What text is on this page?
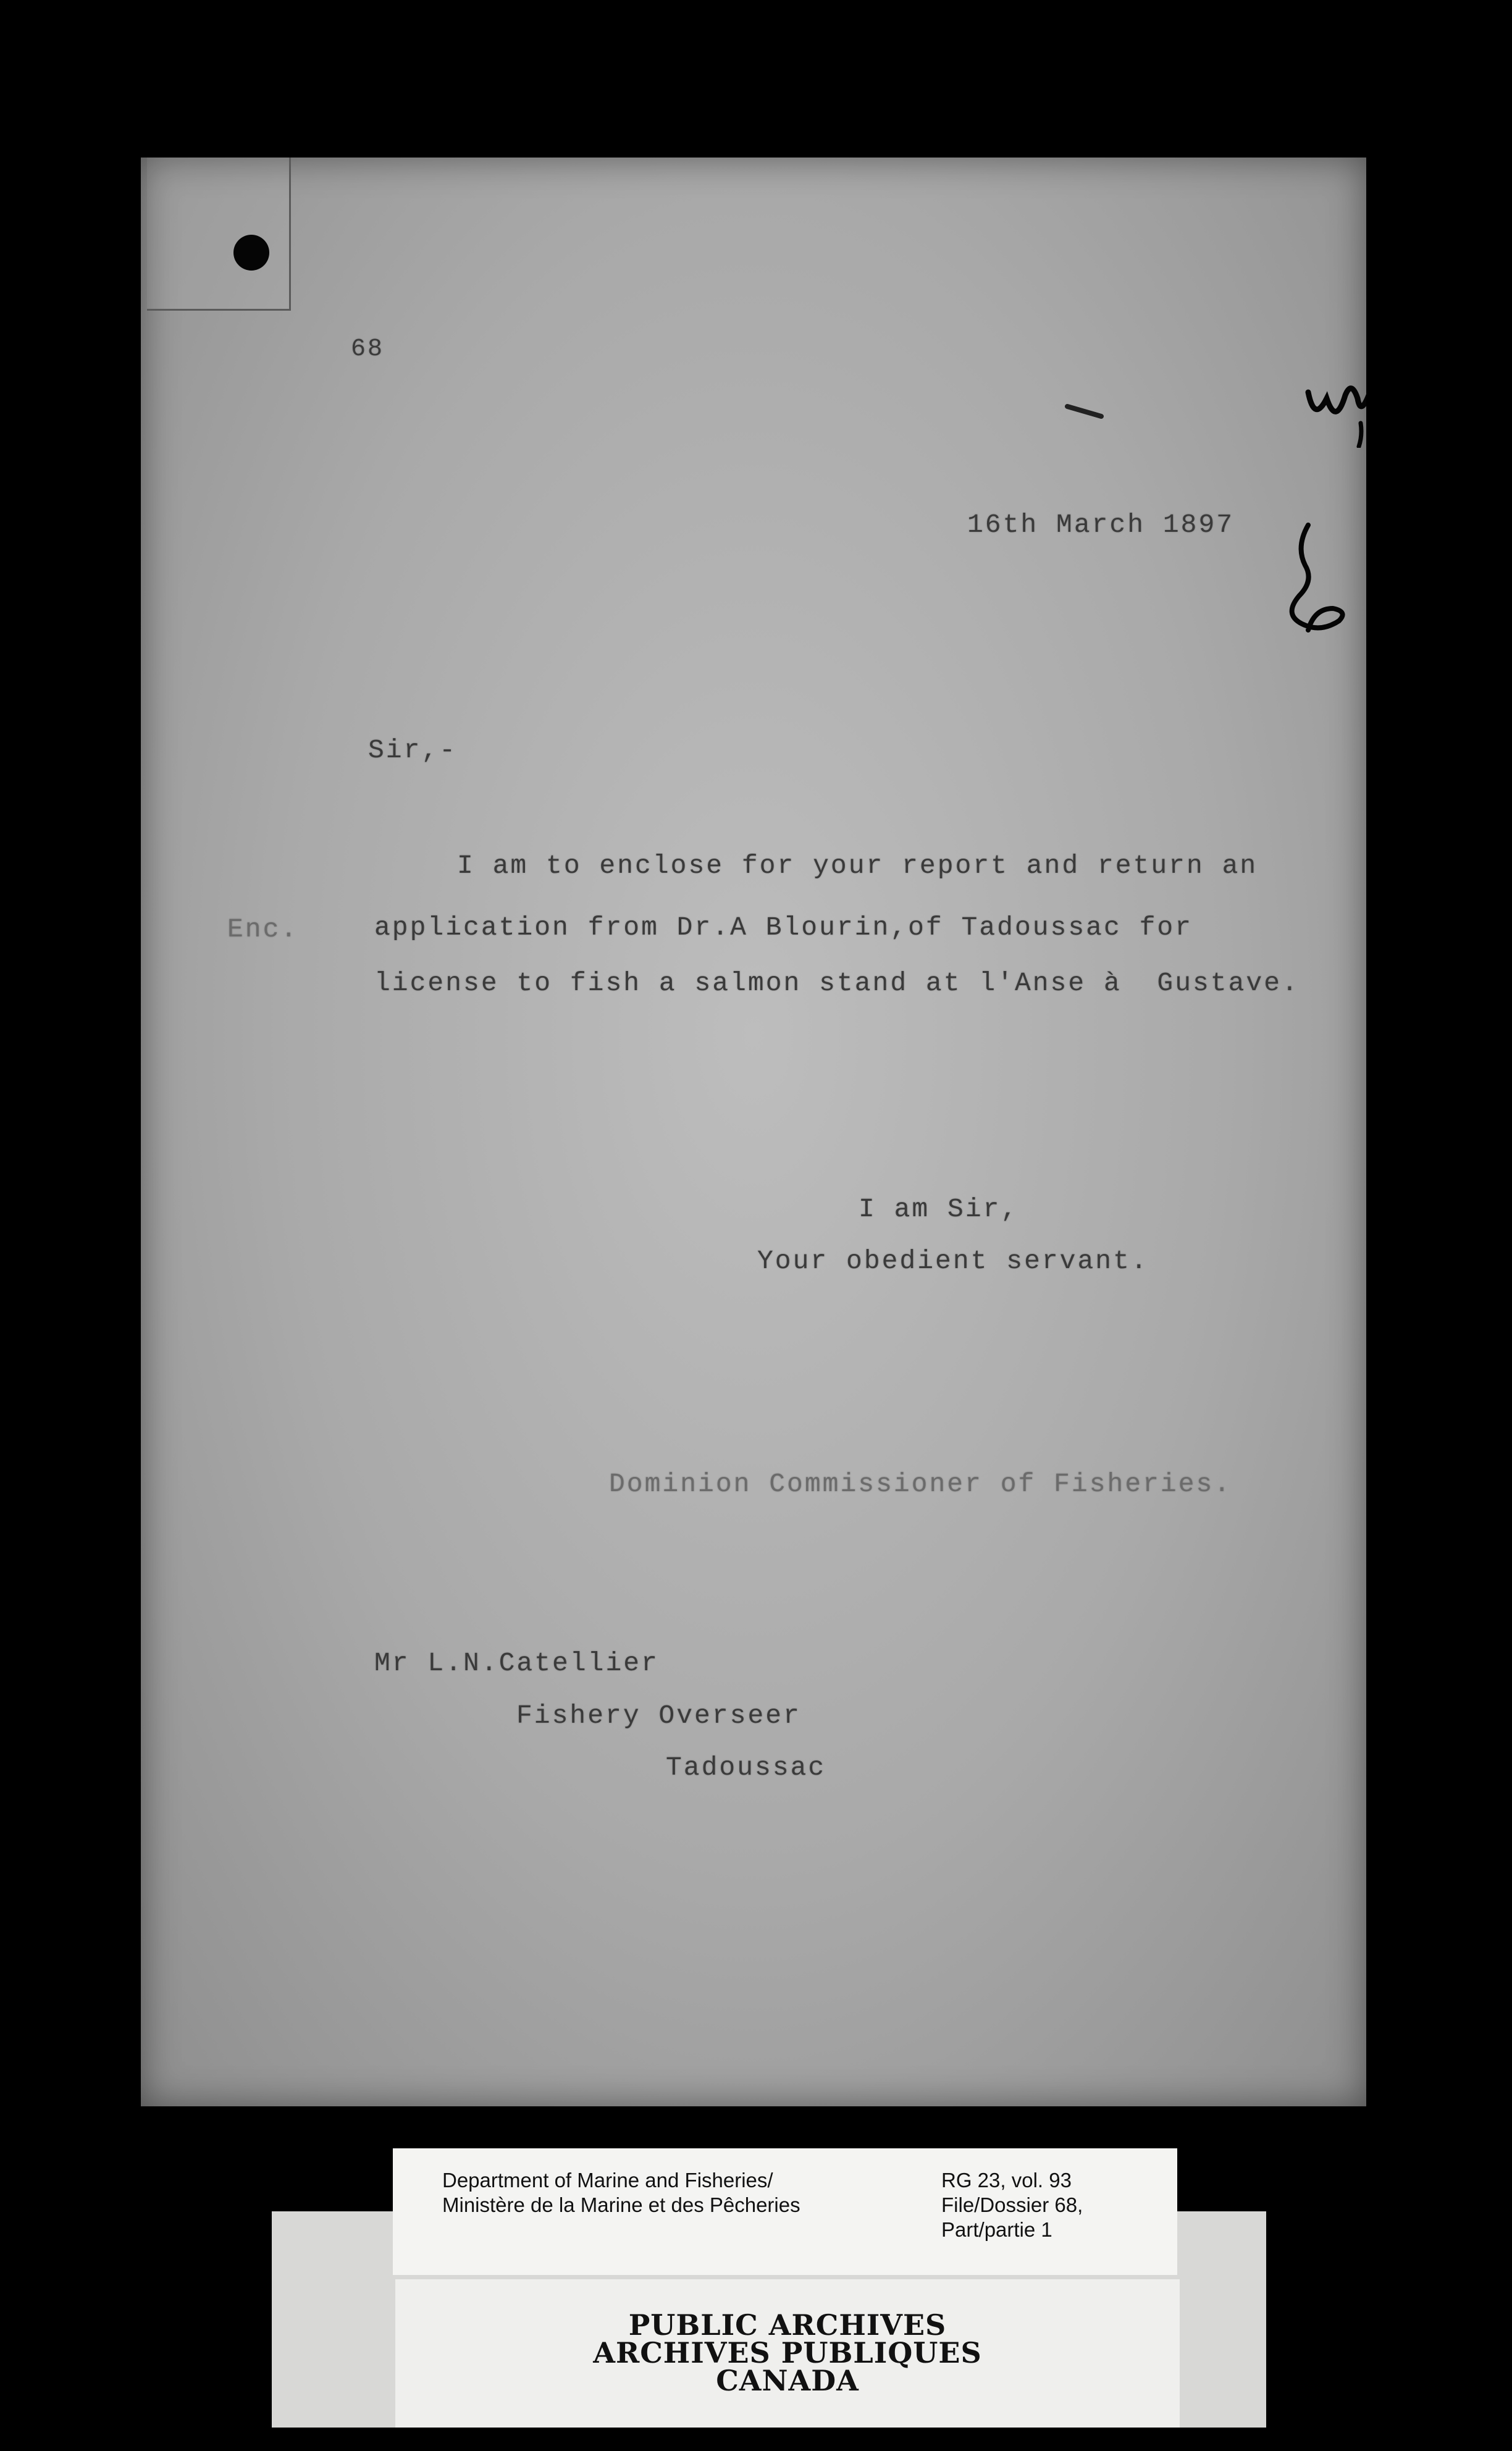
68
16th March 1897
Sir,-
I am to enclose for your report and return an
Enc.	application from Dr.A Blourin,of Tadoussac for
license to fish a salmon stand at l'Anse à  Gustave.
I am Sir,
Your obedient servant.
Dominion Commissioner of Fisheries.
Mr L.N.Catellier
Fishery Overseer
Tadoussac
PUBLIC ARCHIVES
ARCHIVES PUBLIQUES
CANADA
Department of Marine and Fisheries/
Ministère de la Marine et des Pêcheries
RG 23, vol. 93
File/Dossier 68,
Part/partie 1
